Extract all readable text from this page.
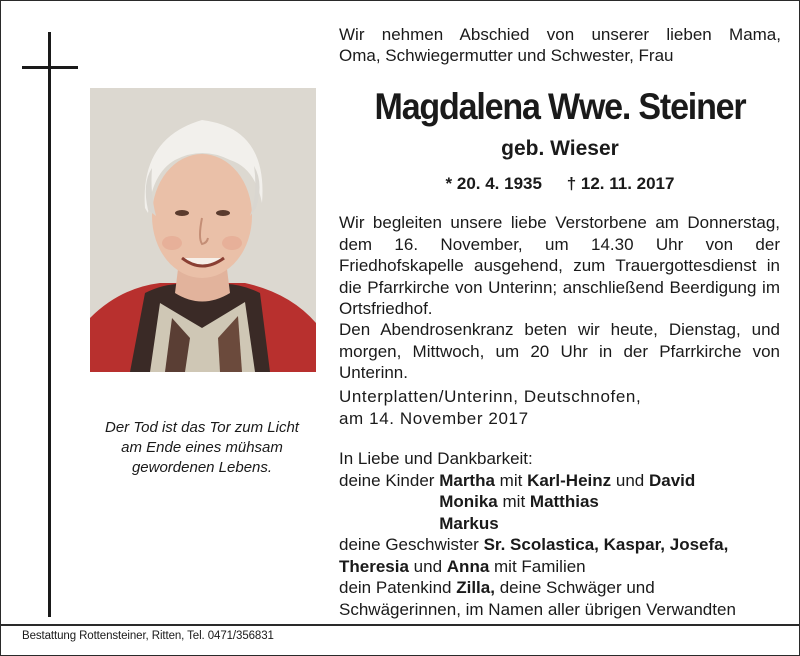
Der Tod ist das Tor zum Licht
am Ende eines mühsam
gewordenen Lebens.
Wir nehmen Abschied von unserer lieben Mama,
Oma, Schwiegermutter und Schwester, Frau
Magdalena Wwe. Steiner
geb. Wieser
* 20. 4. 1935 † 12. 11. 2017
Wir begleiten unsere liebe Verstorbene am Donnerstag, dem 16. November, um 14.30 Uhr von der Friedhofskapelle ausgehend, zum Trauergottesdienst in die Pfarrkirche von Unterinn; anschließend Beerdigung im Ortsfriedhof.
Den Abendrosenkranz beten wir heute, Dienstag, und morgen, Mittwoch, um 20 Uhr in der Pfarrkirche von Unterinn.
Unterplatten/Unterinn, Deutschnofen,
am 14. November 2017
In Liebe und Dankbarkeit:
deine Kinder Martha mit Karl-Heinz und David
Monika mit Matthias
Markus
deine Geschwister Sr. Scolastica, Kaspar, Josefa,
Theresia und Anna mit Familien
dein Patenkind Zilla, deine Schwäger und
Schwägerinnen, im Namen aller übrigen Verwandten
Bestattung Rottensteiner, Ritten, Tel. 0471/356831
